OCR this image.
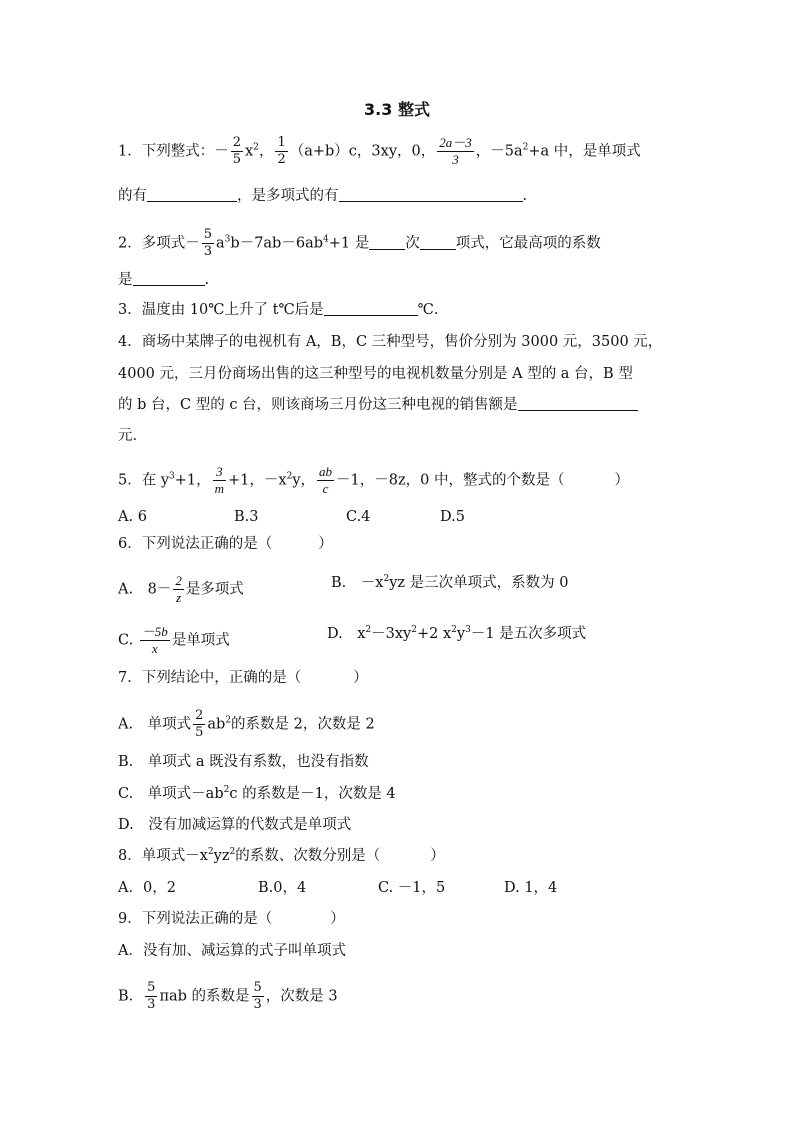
3.3 整式
1．下列整式：－ $\frac{2}{5} x^2$， $\frac{1}{2} (a+b)c$，3xy，0， $\frac{2a-3}{3}$ ，$-5a^2+a$ 中，是单项式
的有	，是多项式的有	.
2．多项式－ $\frac{5}{3} a^3b-7ab-6ab^4+1$ 是 次 项式，它最高项的系数
是	.
3．温度由 10℃上升了 t℃后是	℃.
4．商场中某牌子的电视机有 A，B，C 三种型号，售价分别为 3000 元，3500 元，
4000 元，三月份商场出售的这三种型号的电视机数量分别是 A 型的 a 台，B 型
的 b 台，C 型的 c 台，则该商场三月份这三种电视的销售额是
元.
5．在 $y^3+1$， $\frac{3}{m} +1$，$-x^2y$， $\frac{ab}{c} -1$，－8z，0 中，整式的个数是（	）
A. 6	B.3	C.4	D.5
6．下列说法正确的是（	）
A.　$8- \frac{2}{z}$ 是多项式	B.　$-x^2yz$ 是三次单项式，系数为 0
C. $\frac{-5b}{x}$ 是单项式	D.　$x^2-3xy^2+2$ $x^2y^3-1$ 是五次多项式
7．下列结论中，正确的是（	）
A.　单项式 $\frac{2}{5} ab^2$的系数是 2，次数是 2
B.　单项式 a 既没有系数，也没有指数
C.　单项式$-ab^2c$ 的系数是－1，次数是 4
D.　没有加减运算的代数式是单项式
8．单项式$-x^2yz^2$的系数、次数分别是（	）
A．0，2	B.0，4	C. －1，5	D. 1，4
9．下列说法正确的是（	）
A．没有加、减运算的式子叫单项式
B． $\frac{5}{3}$ πab 的系数是 $\frac{5}{3}$ ，次数是 3
